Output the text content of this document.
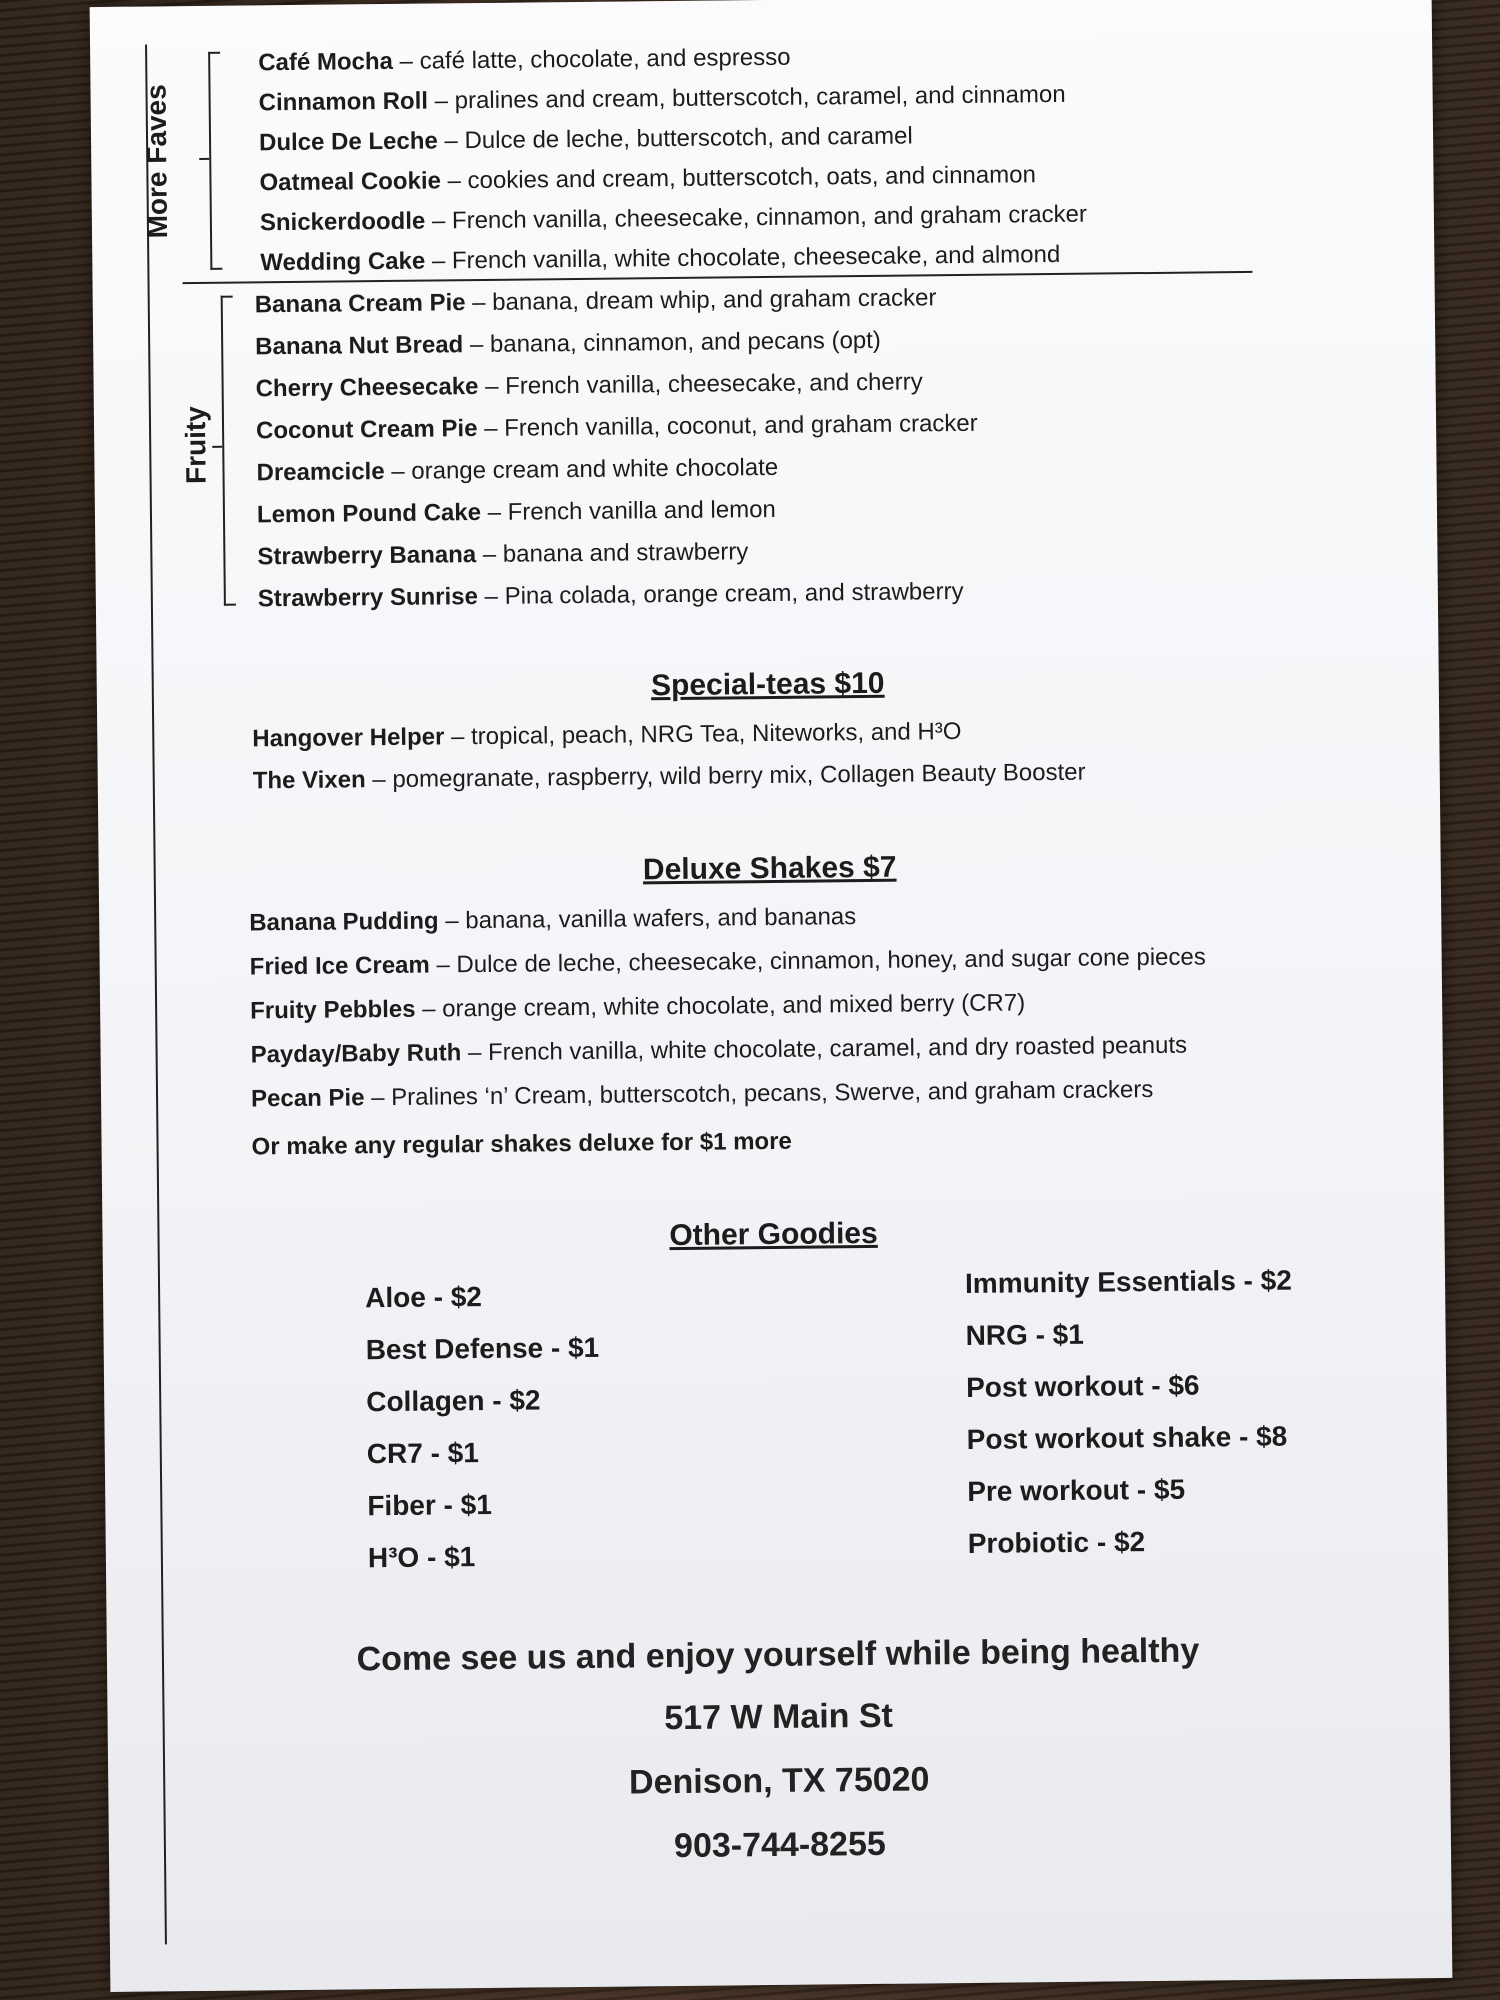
More Faves
Café Mocha – café latte, chocolate, and espresso
Cinnamon Roll – pralines and cream, butterscotch, caramel, and cinnamon
Dulce De Leche – Dulce de leche, butterscotch, and caramel
Oatmeal Cookie – cookies and cream, butterscotch, oats, and cinnamon
Snickerdoodle – French vanilla, cheesecake, cinnamon, and graham cracker
Wedding Cake – French vanilla, white chocolate, cheesecake, and almond
Fruity
Banana Cream Pie – banana, dream whip, and graham cracker
Banana Nut Bread – banana, cinnamon, and pecans (opt)
Cherry Cheesecake – French vanilla, cheesecake, and cherry
Coconut Cream Pie – French vanilla, coconut, and graham cracker
Dreamcicle – orange cream and white chocolate
Lemon Pound Cake – French vanilla and lemon
Strawberry Banana – banana and strawberry
Strawberry Sunrise – Pina colada, orange cream, and strawberry
Special-teas $10
Hangover Helper – tropical, peach, NRG Tea, Niteworks, and H³O
The Vixen – pomegranate, raspberry, wild berry mix, Collagen Beauty Booster
Deluxe Shakes $7
Banana Pudding – banana, vanilla wafers, and bananas
Fried Ice Cream – Dulce de leche, cheesecake, cinnamon, honey, and sugar cone pieces
Fruity Pebbles – orange cream, white chocolate, and mixed berry (CR7)
Payday/Baby Ruth – French vanilla, white chocolate, caramel, and dry roasted peanuts
Pecan Pie – Pralines ‘n’ Cream, butterscotch, pecans, Swerve, and graham crackers
Or make any regular shakes deluxe for $1 more
Other Goodies
Aloe - $2
Best Defense - $1
Collagen - $2
CR7 - $1
Fiber - $1
H³O - $1
Immunity Essentials - $2
NRG - $1
Post workout - $6
Post workout shake - $8
Pre workout - $5
Probiotic - $2
Come see us and enjoy yourself while being healthy
517 W Main St
Denison, TX 75020
903-744-8255
